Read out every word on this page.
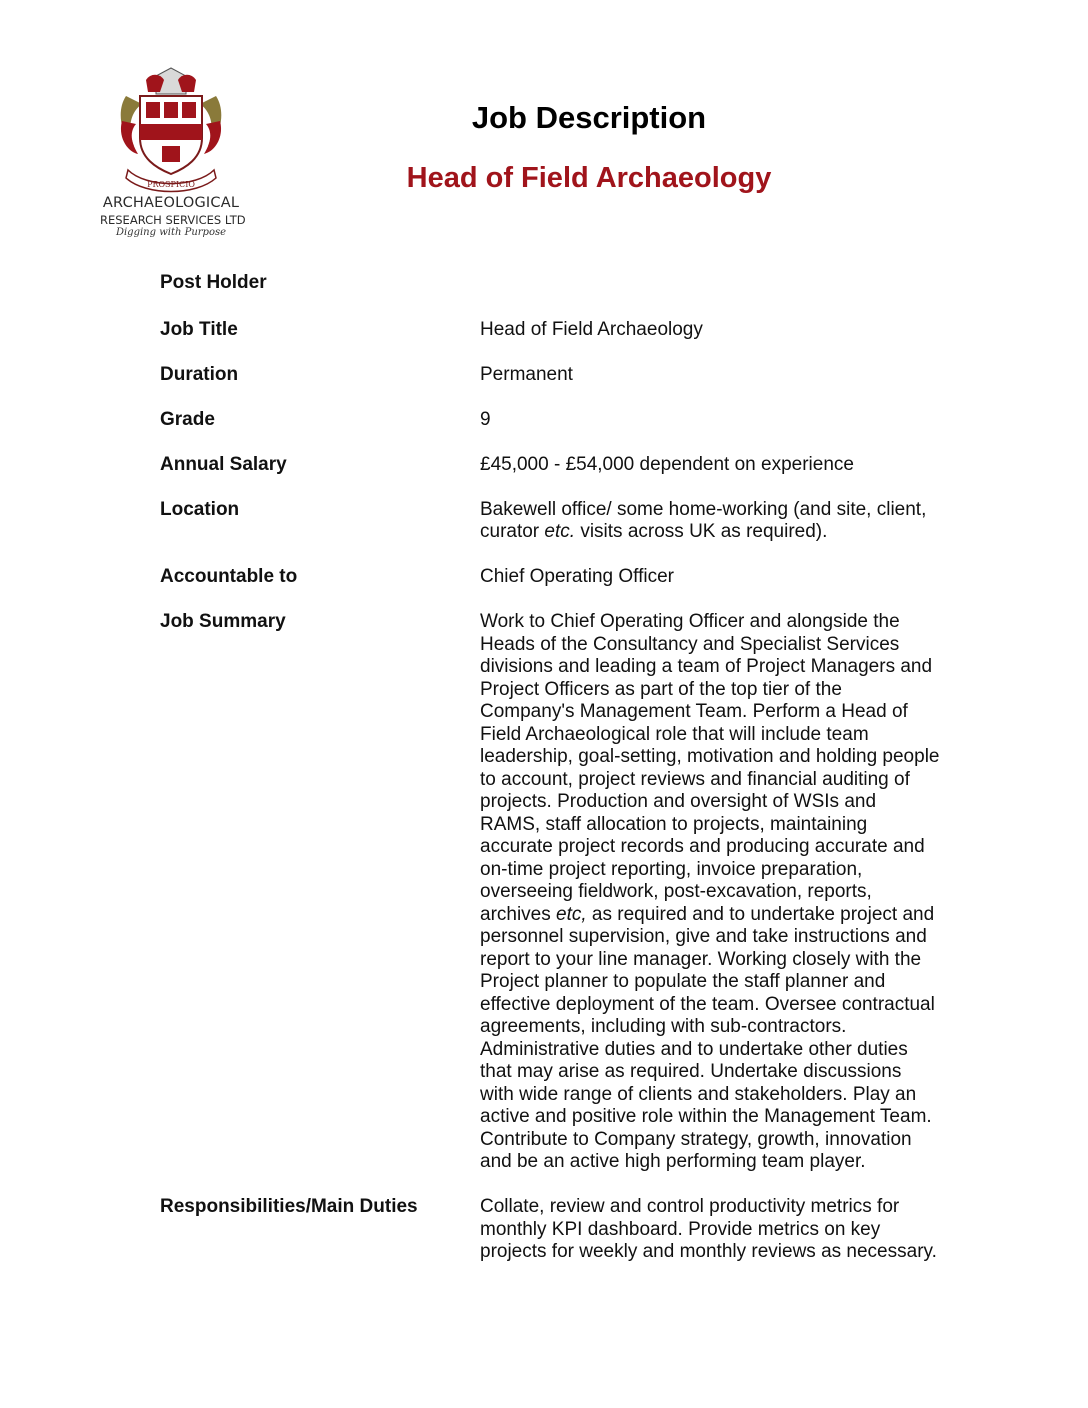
PROSPICIO
ARCHAEOLOGICAL
RESEARCH SERVICES LTD
Digging with Purpose
Job Description
Head of Field Archaeology
Post Holder
Job Title	Head of Field Archaeology
Duration	Permanent
Grade	9
Annual Salary	£45,000 - £54,000 dependent on experience
Location	Bakewell office/ some home-working (and site, client, curator etc. visits across UK as required).
Accountable to	Chief Operating Officer
Job Summary	Work to Chief Operating Officer and alongside the Heads of the Consultancy and Specialist Services divisions and leading a team of Project Managers and Project Officers as part of the top tier of the Company's Management Team. Perform a Head of Field Archaeological role that will include team leadership, goal-setting, motivation and holding people to account, project reviews and financial auditing of projects. Production and oversight of WSIs and RAMS, staff allocation to projects, maintaining accurate project records and producing accurate and on-time project reporting, invoice preparation, overseeing fieldwork, post-excavation, reports, archives etc, as required and to undertake project and personnel supervision, give and take instructions and report to your line manager. Working closely with the Project planner to populate the staff planner and effective deployment of the team. Oversee contractual agreements, including with sub-contractors. Administrative duties and to undertake other duties that may arise as required. Undertake discussions with wide range of clients and stakeholders. Play an active and positive role within the Management Team. Contribute to Company strategy, growth, innovation and be an active high performing team player.
Responsibilities/Main Duties	Collate, review and control productivity metrics for monthly KPI dashboard. Provide metrics on key projects for weekly and monthly reviews as necessary.
